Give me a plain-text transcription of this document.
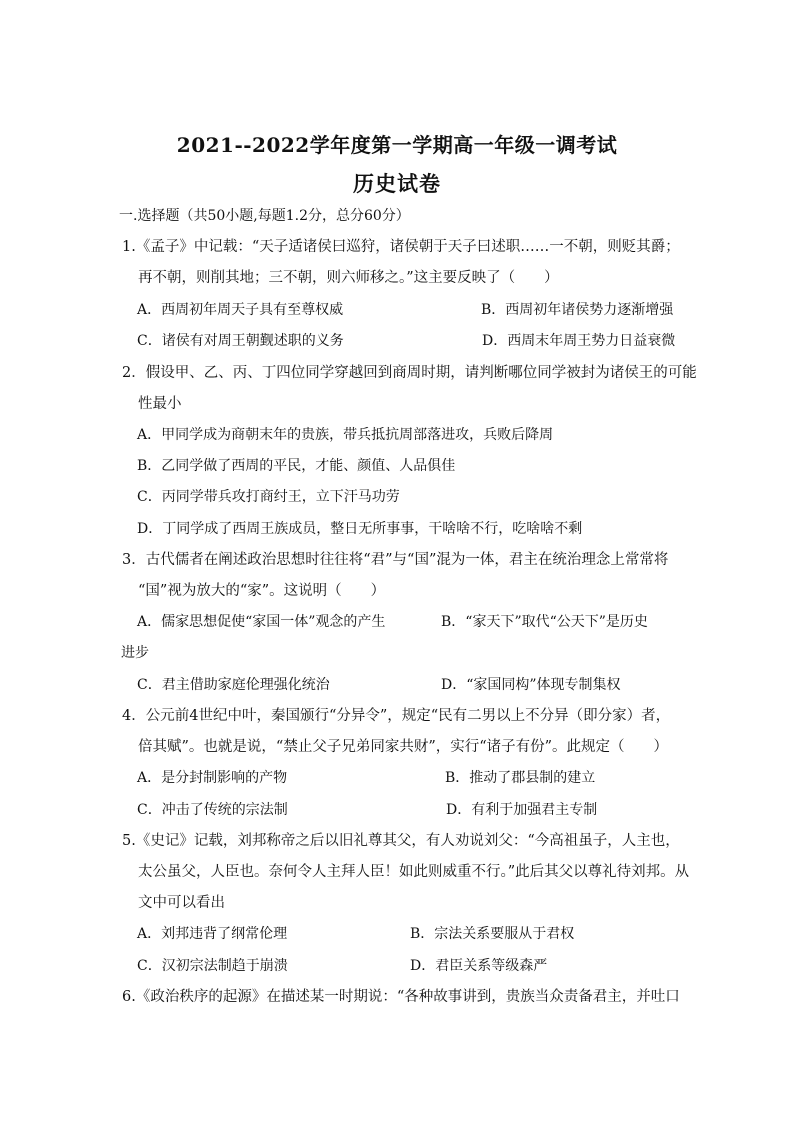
2021--2022学年度第一学期高一年级一调考试
历史试卷
一.选择题（共50小题,每题1.2分，总分60分）
1.《孟子》中记载：“天子适诸侯曰巡狩，诸侯朝于天子曰述职……一不朝，则贬其爵；
再不朝，则削其地；三不朝，则六师移之。”这主要反映了（　　）
A．西周初年周天子具有至尊权威	B．西周初年诸侯势力逐渐增强
C．诸侯有对周王朝觐述职的义务	D．西周末年周王势力日益衰微
2．假设甲、乙、丙、丁四位同学穿越回到商周时期，请判断哪位同学被封为诸侯王的可能
性最小
A．甲同学成为商朝末年的贵族，带兵抵抗周部落进攻，兵败后降周
B．乙同学做了西周的平民，才能、颜值、人品俱佳
C．丙同学带兵攻打商纣王，立下汗马功劳
D．丁同学成了西周王族成员，整日无所事事，干啥啥不行，吃啥啥不剩
3．古代儒者在阐述政治思想时往往将“君”与“国”混为一体，君主在统治理念上常常将
“国”视为放大的“家”。这说明（　　）
A．儒家思想促使“家国一体”观念的产生	B．“家天下”取代“公天下”是历史
进步
C．君主借助家庭伦理强化统治	D．“家国同构”体现专制集权
4．公元前4世纪中叶，秦国颁行“分异令”，规定“民有二男以上不分异（即分家）者，
倍其赋”。也就是说，“禁止父子兄弟同家共财”，实行“诸子有份”。此规定（　　）
A．是分封制影响的产物	B．推动了郡县制的建立
C．冲击了传统的宗法制	D．有利于加强君主专制
5.《史记》记载，刘邦称帝之后以旧礼尊其父，有人劝说刘父：“今高祖虽子，人主也，
太公虽父，人臣也。奈何令人主拜人臣！如此则威重不行。”此后其父以尊礼待刘邦。从
文中可以看出
A．刘邦违背了纲常伦理	B．宗法关系要服从于君权
C．汉初宗法制趋于崩溃	D．君臣关系等级森严
6.《政治秩序的起源》在描述某一时期说：“各种故事讲到，贵族当众责备君主，并吐口
